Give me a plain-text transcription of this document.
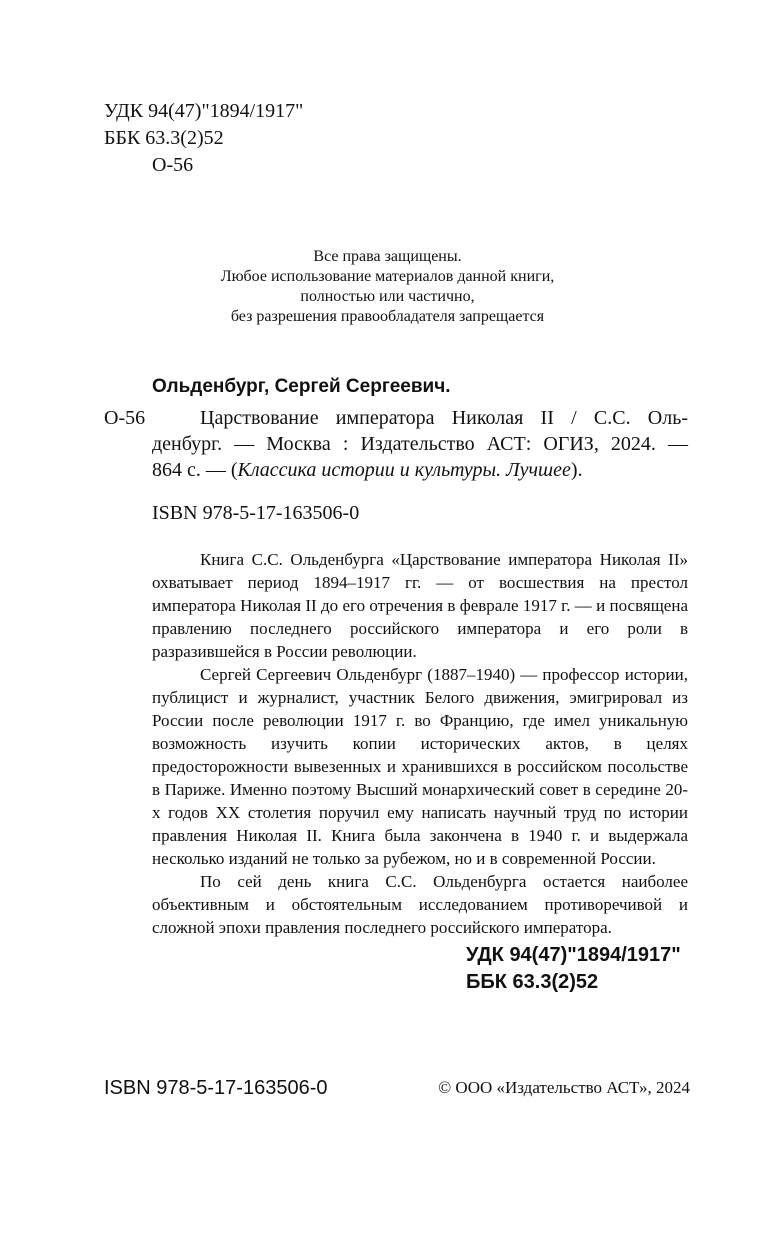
УДК 94(47)"1894/1917"
ББК 63.3(2)52
О-56
Все права защищены.
Любое использование материалов данной книги,
полностью или частично,
без разрешения правообладателя запрещается
Ольденбург, Сергей Сергеевич.
О-56	Царствование императора Николая II / С.С. Оль-
денбург. — Москва : Издательство АСТ: ОГИЗ, 2024. —
864 с. — (Классика истории и культуры. Лучшее).
ISBN 978-5-17-163506-0

Книга С.С. Ольденбурга «Царствование императора Николая II» охватывает период 1894–1917 гг. — от восшествия на престол императора Николая II до его отречения в феврале 1917 г. — и посвящена правлению последнего российского императора и его роли в разразившейся в России революции.

Сергей Сергеевич Ольденбург (1887–1940) — профессор истории, публицист и журналист, участник Белого движения, эмигрировал из России после революции 1917 г. во Францию, где имел уникальную возможность изучить копии исторических актов, в целях предосторожности вывезенных и хранившихся в российском посольстве в Париже. Именно поэтому Высший монархический совет в середине 20-х годов XX столетия поручил ему написать научный труд по истории правления Николая II. Книга была закончена в 1940 г. и выдержала несколько изданий не только за рубежом, но и в современной России.

По сей день книга С.С. Ольденбурга остается наиболее объективным и обстоятельным исследованием противоречивой и сложной эпохи правления последнего российского императора.

УДК 94(47)"1894/1917"
ББК 63.3(2)52
ISBN 978-5-17-163506-0	© ООО «Издательство АСТ», 2024
